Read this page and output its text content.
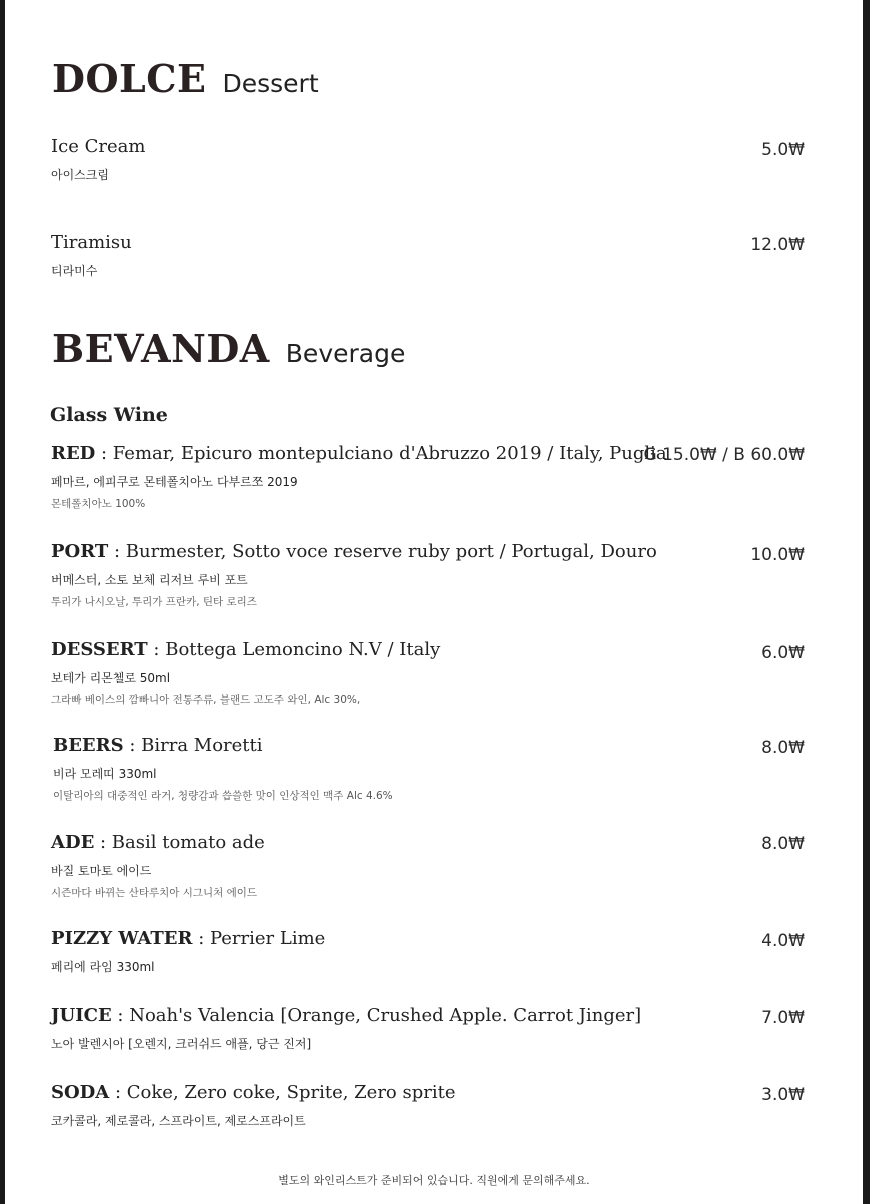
DOLCE Dessert
Ice Cream
아이스크림
5.0₩
Tiramisu
티라미수
12.0₩
BEVANDA Beverage
Glass Wine
RED : Femar, Epicuro montepulciano d'Abruzzo 2019 / Italy, Puglia
페마르, 에피쿠로 몬테폴치아노 다부르쪼 2019
몬테폴치아노 100%
G 15.0₩ / B 60.0₩
PORT : Burmester, Sotto voce reserve ruby port / Portugal, Douro
버메스터, 소토 보체 리저브 루비 포트
투리가 나시오날, 투리가 프란카, 틴타 로리즈
10.0₩
DESSERT : Bottega Lemoncino N.V / Italy
보테가 리몬첼로 50ml
그라빠 베이스의 깜빠니아 전통주류, 블랜드 고도주 와인, Alc 30%,
6.0₩
BEERS : Birra Moretti
비라 모레띠 330ml
이탈리아의 대중적인 라거, 청량감과 씁쓸한 맛이 인상적인 맥주 Alc 4.6%
8.0₩
ADE : Basil tomato ade
바질 토마토 에이드
시즌마다 바뀌는 산타루치아 시그니처 에이드
8.0₩
PIZZY WATER : Perrier Lime
페리에 라임 330ml
4.0₩
JUICE : Noah's Valencia [Orange, Crushed Apple. Carrot Jinger]
노아 발렌시아 [오렌지, 크러쉬드 애플, 당근 진저]
7.0₩
SODA : Coke, Zero coke, Sprite, Zero sprite
코카콜라, 제로콜라, 스프라이트, 제로스프라이트
3.0₩
별도의 와인리스트가 준비되어 있습니다. 직원에게 문의해주세요.
